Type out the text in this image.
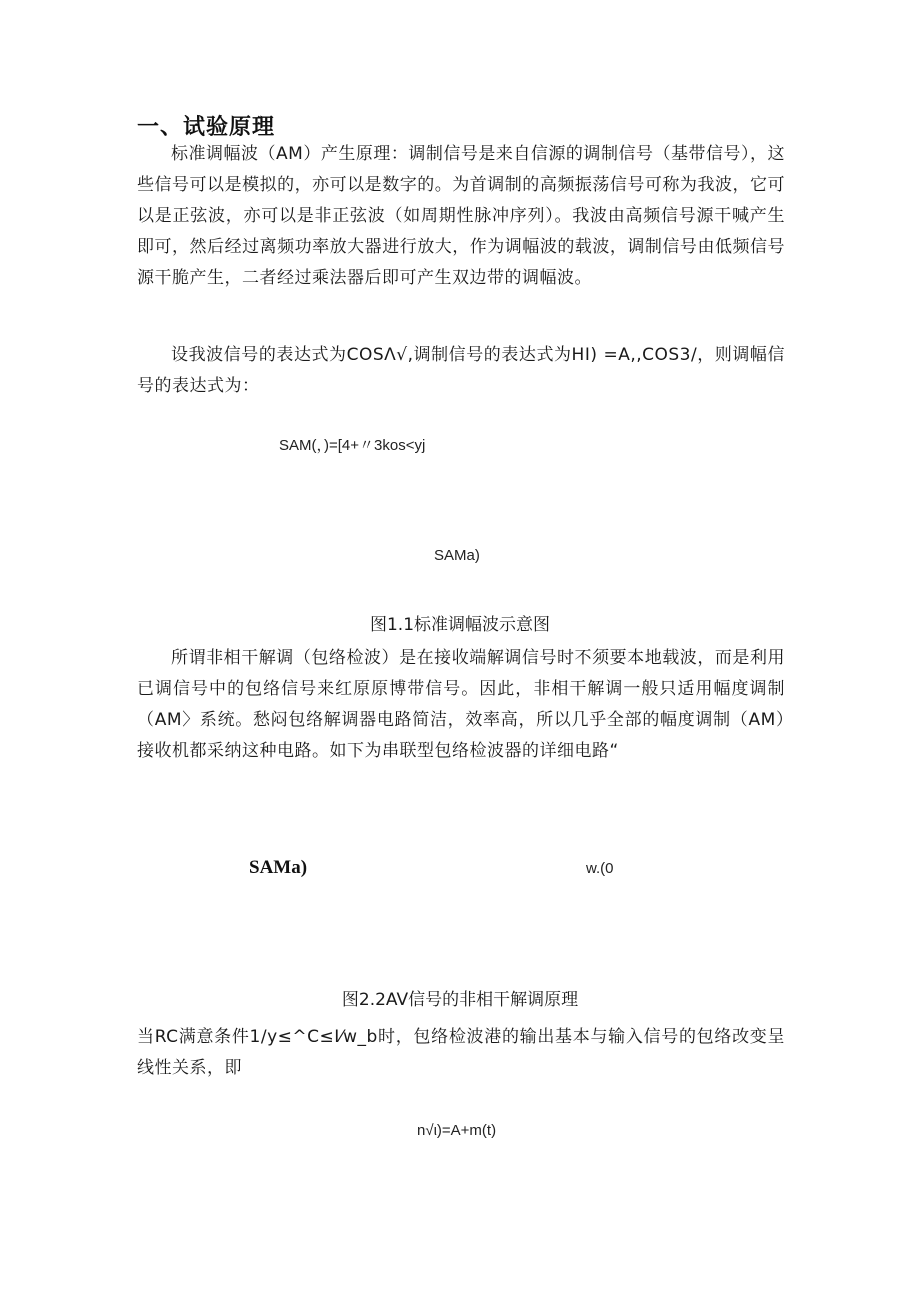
一、试验原理

标准调幅波（AM）产生原理：调制信号是来自信源的调制信号（基带信号），这些信号可以是模拟的，亦可以是数字的。为首调制的高频振荡信号可称为我波，它可以是正弦波，亦可以是非正弦波（如周期性脉冲序列）。我波由高频信号源干喊产生即可，然后经过离频功率放大器进行放大，作为调幅波的载波，调制信号由低频信号源干脆产生，二者经过乘法器后即可产生双边带的调幅波。

设我波信号的表达式为COSΛ√,调制信号的表达式为HI) =A,,COS3/，则调幅信号的表达式为：

SAM(，)=[4+〃3kos<yj
SAMa)
图1.1标准调幅波示意图

所谓非相干解调（包络检波）是在接收端解调信号时不须要本地载波，而是利用已调信号中的包络信号来红原原博带信号。因此，非相干解调一般只适用幅度调制（AM〉系统。愁闷包络解调器电路简洁，效率高，所以几乎全部的幅度调制（AM）接收机都采纳这种电路。如下为串联型包络检波器的详细电路“

SAMa)	w.(0
图2.2AV信号的非相干解调原理

当RC满意条件1/y≤^C≤I⁄w_b时，包络检波港的输出基本与输入信号的包络改变呈线性关系，即

n√ι)=A+m(t)
